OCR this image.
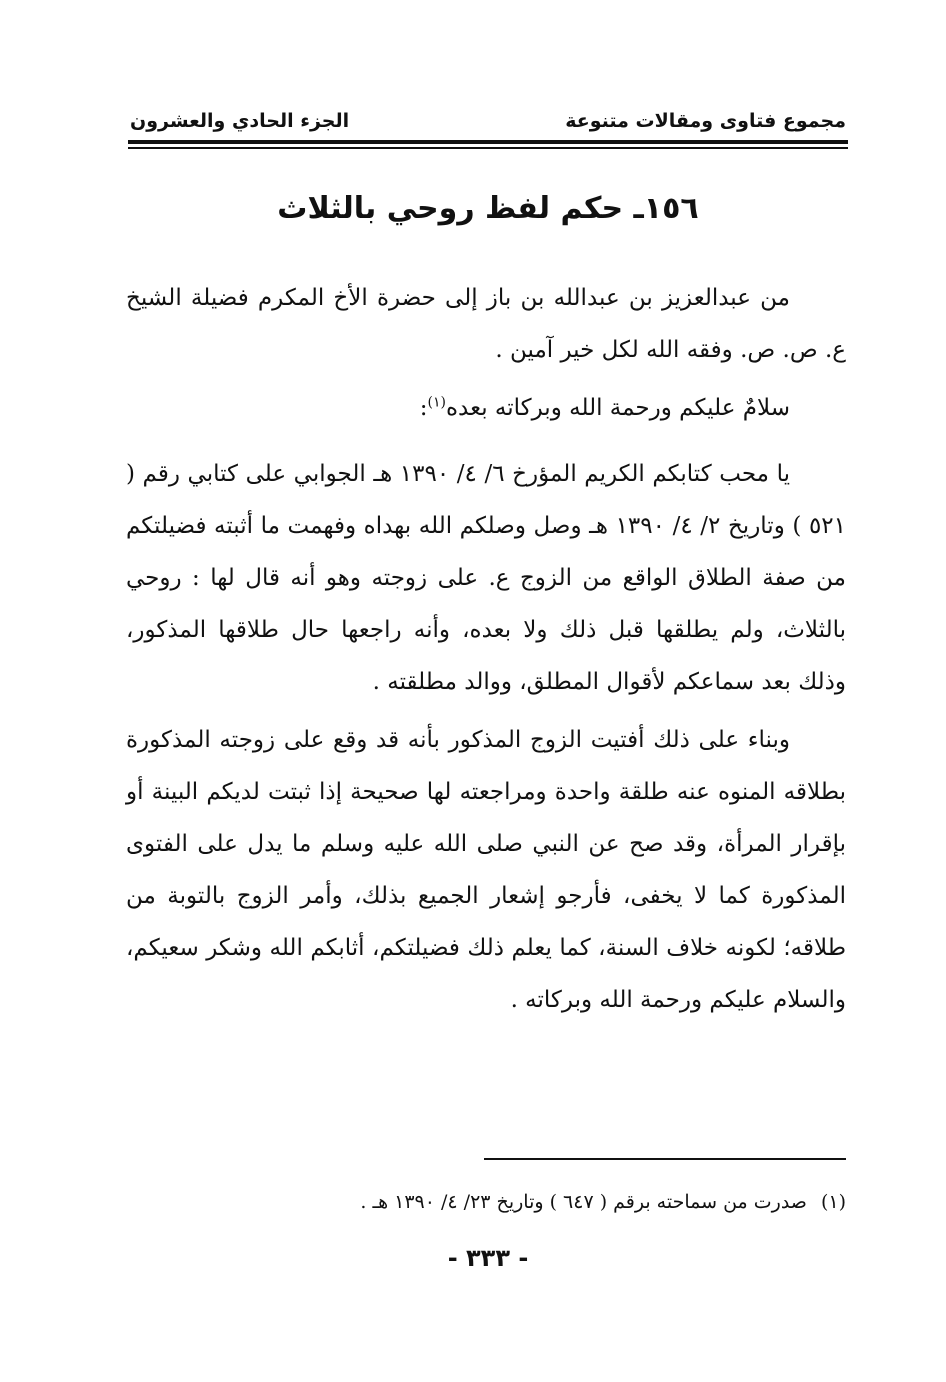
مجموع فتاوى ومقالات متنوعة
الجزء الحادي والعشرون
١٥٦ـ حكم لفظ روحي بالثلاث

من عبدالعزيز بن عبدالله بن باز إلى حضرة الأخ المكرم فضيلة الشيخ ع. ص. ص. وفقه الله لكل خير آمين .

سلامٌ عليكم ورحمة الله وبركاته بعده$^{(١)}$:

يا محب كتابكم الكريم المؤرخ ٦/ ٤/ ١٣٩٠ هـ الجوابي على كتابي رقم ( ٥٢١ ) وتاريخ ٢/ ٤/ ١٣٩٠ هـ وصل وصلكم الله بهداه وفهمت ما أثبته فضيلتكم من صفة الطلاق الواقع من الزوج ع. على زوجته وهو أنه قال لها : روحي بالثلاث، ولم يطلقها قبل ذلك ولا بعده، وأنه راجعها حال طلاقها المذكور، وذلك بعد سماعكم لأقوال المطلق، ووالد مطلقته .

وبناء على ذلك أفتيت الزوج المذكور بأنه قد وقع على زوجته المذكورة بطلاقه المنوه عنه طلقة واحدة ومراجعته لها صحيحة إذا ثبتت لديكم البينة أو بإقرار المرأة، وقد صح عن النبي صلى الله عليه وسلم ما يدل على الفتوى المذكورة كما لا يخفى، فأرجو إشعار الجميع بذلك، وأمر الزوج بالتوبة من طلاقه؛ لكونه خلاف السنة، كما يعلم ذلك فضيلتكم، أثابكم الله وشكر سعيكم، والسلام عليكم ورحمة الله وبركاته .

(١)صدرت من سماحته برقم ( ٦٤٧ ) وتاريخ ٢٣/ ٤/ ١٣٩٠ هـ .
- ٣٣٣ -
